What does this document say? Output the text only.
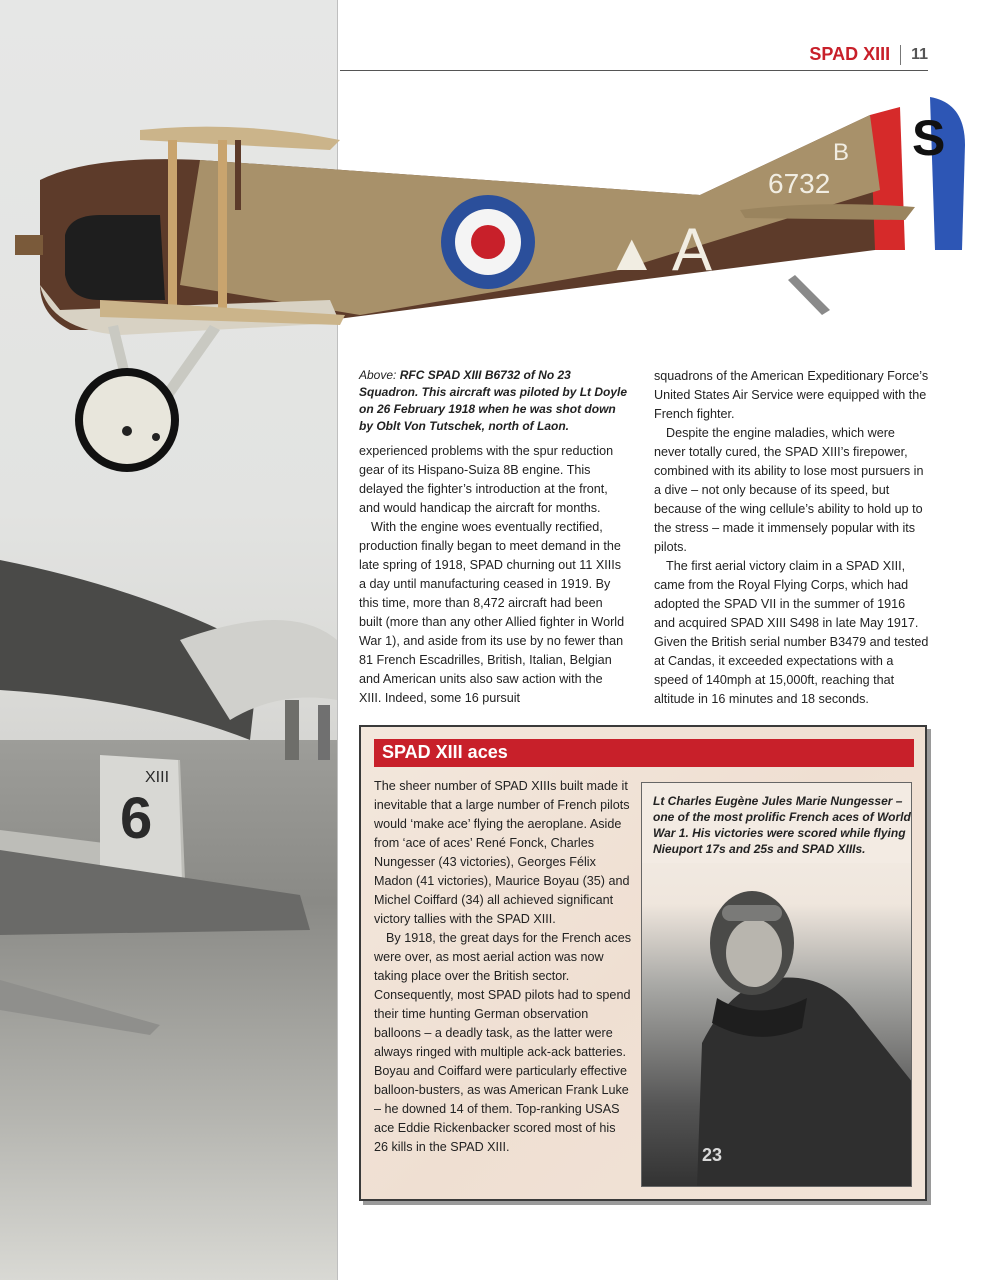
6
XIII
SPAD XIII 11
S
▲ A
B
6732
Above: RFC SPAD XIII B6732 of No 23 Squadron. This aircraft was piloted by Lt Doyle on 26 February 1918 when he was shot down by Oblt Von Tutschek, north of Laon.

experienced problems with the spur reduction gear of its Hispano-Suiza 8B engine. This delayed the fighter’s introduction at the front, and would handicap the aircraft for months.

With the engine woes eventually rectified, production finally began to meet demand in the late spring of 1918, SPAD churning out 11 XIIIs a day until manufacturing ceased in 1919. By this time, more than 8,472 aircraft had been built (more than any other Allied fighter in World War 1), and aside from its use by no fewer than 81 French Escadrilles, British, Italian, Belgian and American units also saw action with the XIII. Indeed, some 16 pursuit

squadrons of the American Expeditionary Force’s United States Air Service were equipped with the French fighter.

Despite the engine maladies, which were never totally cured, the SPAD XIII’s firepower, combined with its ability to lose most pursuers in a dive – not only because of its speed, but because of the wing cellule’s ability to hold up to the stress – made it immensely popular with its pilots.

The first aerial victory claim in a SPAD XIII, came from the Royal Flying Corps, which had adopted the SPAD VII in the summer of 1916 and acquired SPAD XIII S498 in late May 1917. Given the British serial number B3479 and tested at Candas, it exceeded expectations with a speed of 140mph at 15,000ft, reaching that altitude in 16 minutes and 18 seconds.

SPAD XIII aces

The sheer number of SPAD XIIIs built made it inevitable that a large number of French pilots would ‘make ace’ flying the aeroplane. Aside from ‘ace of aces’ René Fonck, Charles Nungesser (43 victories), Georges Félix Madon (41 victories), Maurice Boyau (35) and Michel Coiffard (34) all achieved significant victory tallies with the SPAD XIII.

By 1918, the great days for the French aces were over, as most aerial action was now taking place over the British sector. Consequently, most SPAD pilots had to spend their time hunting German observation balloons – a deadly task, as the latter were always ringed with multiple ack-ack batteries. Boyau and Coiffard were particularly effective balloon-busters, as was American Frank Luke – he downed 14 of them. Top-ranking USAS ace Eddie Rickenbacker scored most of his 26 kills in the SPAD XIII.	23
Lt Charles Eugène Jules Marie Nungesser – one of the most prolific French aces of World War 1. His victories were scored while flying Nieuport 17s and 25s and SPAD XIIIs.
